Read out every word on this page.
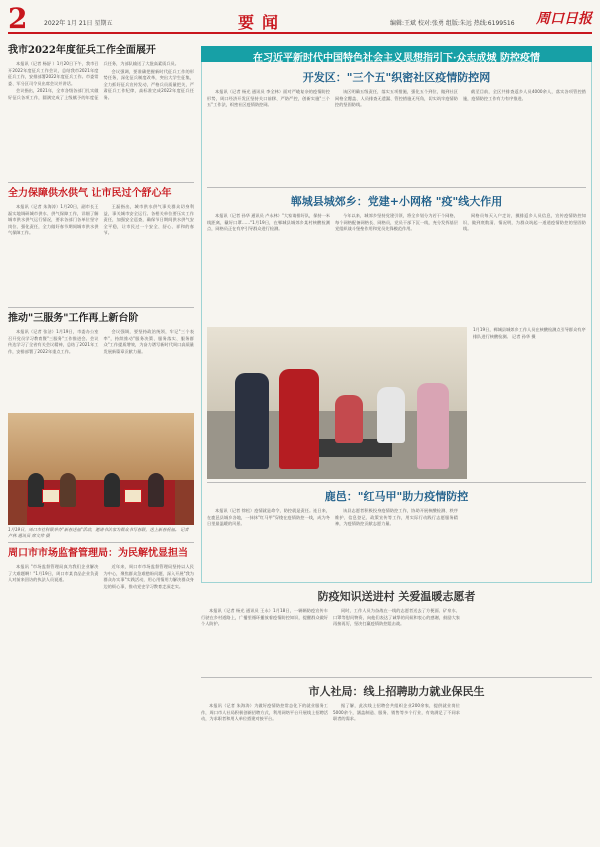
2	2022年 1月 21日 星期五	要闻	编辑:王斌 校对:张勇 组版:朱远 热线:6199516 周口日报
我市2022年度征兵工作全面展开

本报讯（记者 杨舒 ）1月20日下午，我市召开2022年度征兵工作会议，总结我市2021年度征兵工作，安排部署2022年度征兵工作。市委常委、军分区司令员出席会议并讲话。

会议指出，2021年，全市各级各部门扎实做好征兵各项工作，圆满完成了上级赋予的年度征兵任务，为部队输送了大批高素质兵员。

会议强调，要准确把握新时代征兵工作的形势任务，深化征兵制度改革，突出大学生征集，全力抓好征兵宣传发动，严格兵员质量把关，严肃征兵工作纪律，高标准完成2022年度征兵任务。

全力保障供水供气 让市民过个舒心年

本报讯（记者 朱海涛）1月20日，副市长王磊实地调研城市供水、供气保障工作，详细了解城市供水供气运行情况，要求各部门各单位坚守岗位、强化责任，全力做好春节期间城市供水供气保障工作。

王磊指出，城市供水供气事关群众切身利益，事关城市安全运行。各相关单位要压实工作责任，加强安全巡查，确保节日期间供水供气安全平稳，让市民过一个安全、舒心、祥和的春节。

推动"三服务"工作再上新台阶

本报讯（记者 张洁）1月19日，市委办公室召开党员学习教育暨"三服务"工作推进会。会议传达学习了全省有关会议精神，总结了2021年工作，安排部署了2022年重点工作。

会议强调，要坚持政治统领，牢记"三个表率"，持续推动"服务决策、服务落实、服务群众"工作提质增效，为奋力谱写新时代周口高质量发展新篇章贡献力量。

1月19日，周口市社科联举办"新春送福"活动，邀请书法家为群众书写春联，送上新春祝福。 记者 卢林 通讯员 席文伟 摄
周口市市场监督管理局：为民解忧显担当

本报讯 "市场监督管理局真为我们企业解决了大难题啊！"1月19日，周口市某食品企业负责人对前来回访的执法人员说道。

近年来，周口市市场监督管理局坚持以人民为中心，聚焦群众急难愁盼问题，深入开展"我为群众办实事"实践活动，用心用情用力解决群众身边的烦心事，推动党史学习教育走深走实。

在习近平新时代中国特色社会主义思想指引下·众志成城 防控疫情
开发区："三个五"织密社区疫情防控网

本报讯（记者 杨光 通讯员 李全林）面对严峻复杂的疫情防控形势，周口经济开发区坚持关口前移、严防严控，创新实施"三个五"工作法，织密社区疫情防控网。

该区明确五级责任，落实五项措施，强化五个到位，做到社区网格全覆盖、人员排查无遗漏、管控措施无死角，切实筑牢疫情防控的坚固防线。

截至目前，全区共排查返乡人员4000余人，落实各项管控措施，疫情防控工作有力有序推进。

郸城县城郊乡：党建+小网格 "疫"线大作用

本报讯（记者 孙华 通讯员 卢永林）"大家请排好队，保持一米线距离，戴好口罩……"1月19日，在郸城县城郊乡某村核酸检测点，网格员正在有序引导群众进行检测。

今年以来，城郊乡坚持党建引领，将全乡划分为若干个网格，每个网格配备网格长、网格员，党员干部下沉一线，充分发挥基层党组织战斗堡垒作用和党员先锋模范作用。

网格员每天入户走访，摸排返乡人员信息，宣传疫情防控知识，做到底数清、情况明，为群众筑起一道道疫情防控的坚固防线。

1月19日，郸城县城郊乡工作人员在核酸检测点引导群众有序排队进行核酸检测。 记者 孙华 摄
鹿邑："红马甲"助力疫情防控

本报讯（记者 徐松）疫情就是命令，防控就是责任。连日来，在鹿邑县城乡各地，一抹抹"红马甲"穿梭在疫情防控一线，成为冬日里最温暖的风景。

该县志愿者积极投身疫情防控工作，协助开展核酸检测、秩序维护、信息登记、政策宣传等工作，用实际行动践行志愿服务精神，为疫情防控贡献志愿力量。

防疫知识送进村 关爱温暖志愿者

本报讯（记者 杨光 通讯员 王永）1月18日，一辆辆防疫宣传车行驶在乡村道路上，广播里循环播放着疫情防控知识，提醒群众做好个人防护。

同时，工作人员为奋战在一线的志愿者送去了方便面、矿泉水、口罩等慰问物资，向他们表达了诚挚的问候和衷心的感谢，鼓励大家再接再厉，坚决打赢疫情防控阻击战。

市人社局：线上招聘助力就业保民生

本报讯（记者 朱海涛）为做好疫情防控常态化下的就业服务工作，周口市人社局积极创新招聘方式，利用网络平台开展线上招聘活动，为求职者和用人单位搭建对接平台。

据了解，此次线上招聘会共组织企业200余家，提供就业岗位5000余个，涵盖制造、服务、销售等多个行业，有效满足了不同求职者的需求。
